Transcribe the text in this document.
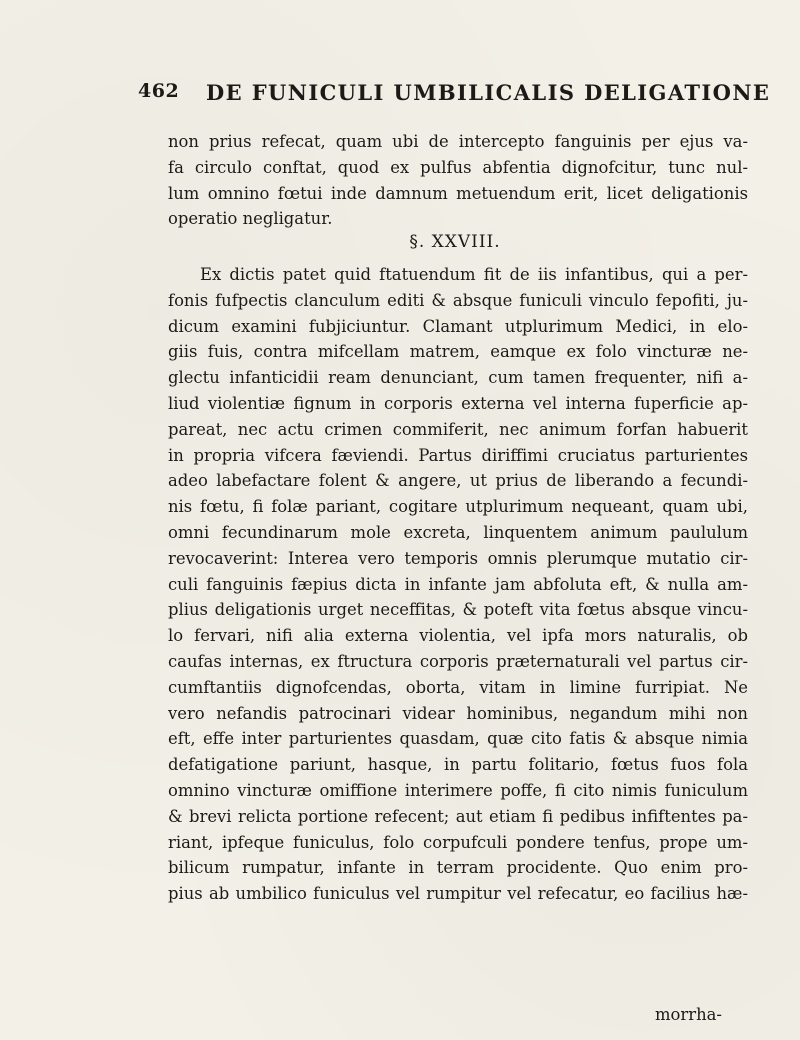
462 DE FUNICULI UMBILICALIS DELIGATIONE
non prius refecat, quam ubi de intercepto fanguinis per ejus va-
fa circulo conftat, quod ex pulfus abfentia dignofcitur, tunc nul-
lum omnino fœtui inde damnum metuendum erit, licet deligationis
operatio negligatur.
§. XXVIII.
Ex dictis patet quid ftatuendum fit de iis infantibus, qui a per-
fonis fufpectis clanculum editi & absque funiculi vinculo fepofiti, ju-
dicum examini fubjiciuntur. Clamant utplurimum Medici, in elo-
giis fuis, contra mifcellam matrem, eamque ex folo vincturæ ne-
glectu infanticidii ream denunciant, cum tamen frequenter, nifi a-
liud violentiæ fignum in corporis externa vel interna fuperficie ap-
pareat, nec actu crimen commiferit, nec animum forfan habuerit
in propria vifcera fæviendi. Partus diriffimi cruciatus parturientes
adeo labefactare folent & angere, ut prius de liberando a fecundi-
nis fœtu, fi folæ pariant, cogitare utplurimum nequeant, quam ubi,
omni fecundinarum mole excreta, linquentem animum paululum
revocaverint: Interea vero temporis omnis plerumque mutatio cir-
culi fanguinis fæpius dicta in infante jam abfoluta eft, & nulla am-
plius deligationis urget neceffitas, & poteft vita fœtus absque vincu-
lo fervari, nifi alia externa violentia, vel ipfa mors naturalis, ob
caufas internas, ex ftructura corporis præternaturali vel partus cir-
cumftantiis dignofcendas, oborta, vitam in limine furripiat. Ne
vero nefandis patrocinari videar hominibus, negandum mihi non
eft, effe inter parturientes quasdam, quæ cito fatis & absque nimia
defatigatione pariunt, hasque, in partu folitario, fœtus fuos fola
omnino vincturæ omiffione interimere poffe, fi cito nimis funiculum
& brevi relicta portione refecent; aut etiam fi pedibus infiftentes pa-
riant, ipfeque funiculus, folo corpufculi pondere tenfus, prope um-
bilicum rumpatur, infante in terram procidente. Quo enim pro-
pius ab umbilico funiculus vel rumpitur vel refecatur, eo facilius hæ-
morrha-
